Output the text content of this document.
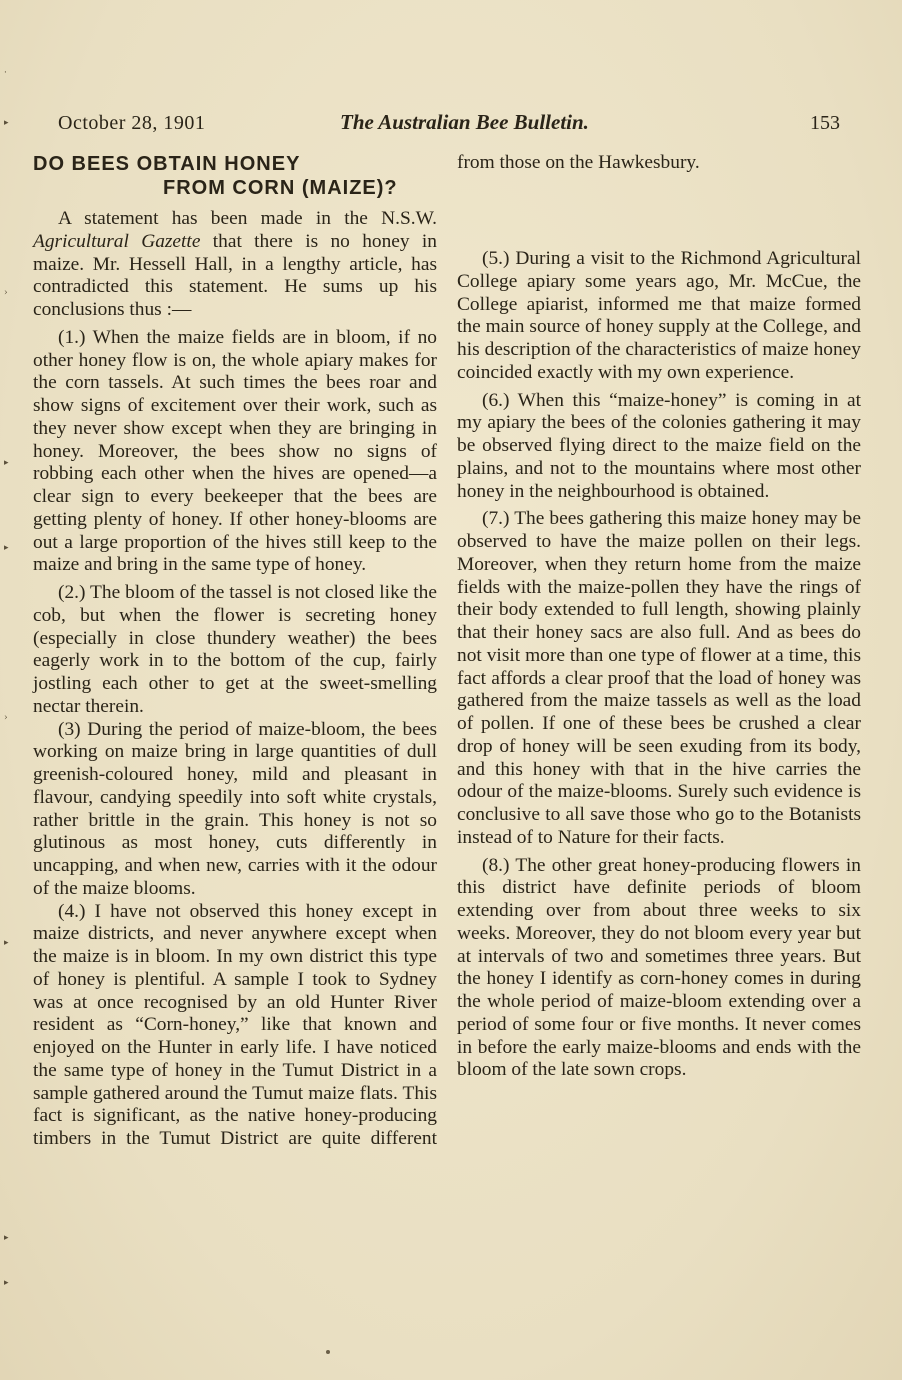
·
▸
›
▸
▸
›
▸
▸
▸
October 28, 1901	The Australian Bee Bulletin.	153
DO BEES OBTAIN HONEY
FROM CORN (MAIZE)?

A statement has been made in the N.S.W. Agricultural Gazette that there is no honey in maize. Mr. Hessell Hall, in a lengthy article, has contradicted this statement. He sums up his conclusions thus :—

(1.) When the maize fields are in bloom, if no other honey flow is on, the whole apiary makes for the corn tassels. At such times the bees roar and show signs of excitement over their work, such as they never show except when they are bringing in honey. Moreover, the bees show no signs of robbing each other when the hives are opened—a clear sign to every beekeeper that the bees are getting plenty of honey. If other honey-blooms are out a large proportion of the hives still keep to the maize and bring in the same type of honey.

(2.) The bloom of the tassel is not closed like the cob, but when the flower is secreting honey (especially in close thundery weather) the bees eagerly work in to the bottom of the cup, fairly jostling each other to get at the sweet-smelling nectar therein.

(3) During the period of maize-bloom, the bees working on maize bring in large quantities of dull greenish-coloured honey, mild and pleasant in flavour, candying speedily into soft white crystals, rather brittle in the grain. This honey is not so glutinous as most honey, cuts differently in uncapping, and when new, carries with it the odour of the maize blooms.

(4.) I have not observed this honey except in maize districts, and never anywhere except when the maize is in bloom. In my own district this type of honey is plentiful. A sample I took to Sydney was at once recognised by an old Hunter River resident as “Corn-honey,” like that known and enjoyed on the Hunter in early life. I have noticed the same type of honey in the Tumut District in a sample gathered around the Tumut maize flats. This fact is significant, as the native honey-producing timbers in the Tumut District are quite different

from those on the Hawkesbury.

(5.) During a visit to the Richmond Agricultural College apiary some years ago, Mr. McCue, the College apiarist, informed me that maize formed the main source of honey supply at the College, and his description of the characteristics of maize honey coincided exactly with my own experience.

(6.) When this “maize-honey” is coming in at my apiary the bees of the colonies gathering it may be observed flying direct to the maize field on the plains, and not to the mountains where most other honey in the neighbourhood is obtained.

(7.) The bees gathering this maize honey may be observed to have the maize pollen on their legs. Moreover, when they return home from the maize fields with the maize-pollen they have the rings of their body extended to full length, showing plainly that their honey sacs are also full. And as bees do not visit more than one type of flower at a time, this fact affords a clear proof that the load of honey was gathered from the maize tassels as well as the load of pollen. If one of these bees be crushed a clear drop of honey will be seen exuding from its body, and this honey with that in the hive carries the odour of the maize-blooms. Surely such evidence is conclusive to all save those who go to the Botanists instead of to Nature for their facts.

(8.) The other great honey-producing flowers in this district have definite periods of bloom extending over from about three weeks to six weeks. Moreover, they do not bloom every year but at intervals of two and sometimes three years. But the honey I identify as corn-honey comes in during the whole period of maize-bloom extending over a period of some four or five months. It never comes in before the early maize-blooms and ends with the bloom of the late sown crops.
